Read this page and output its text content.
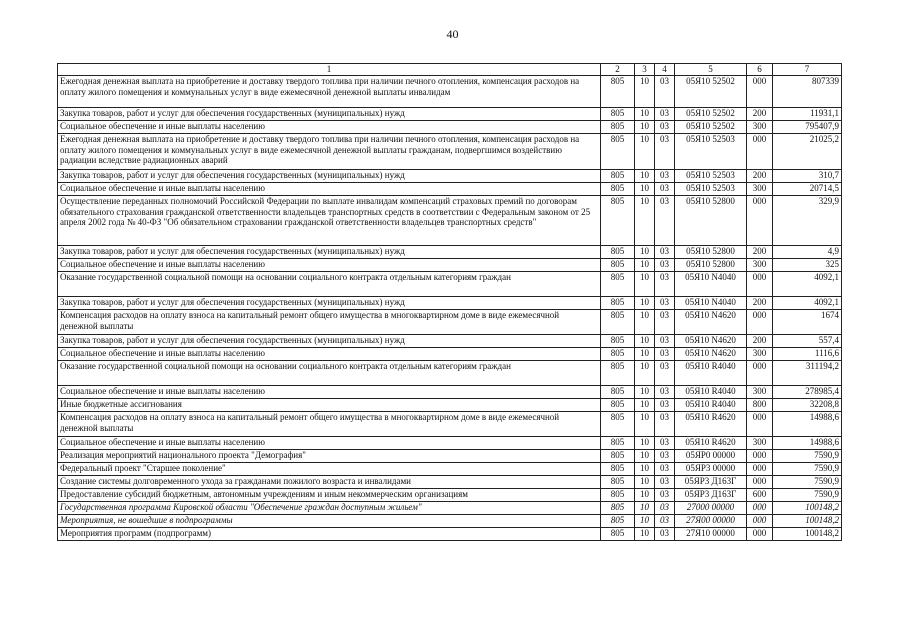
40
1	2	3	4	5	6	7
Ежегодная денежная выплата на приобретение и доставку твердого топлива при наличии печного отопления, компенсация расходов на оплату жилого помещения и коммунальных услуг в виде ежемесячной денежной выплаты инвалидам	805	10	03	05Я10 52502	000	807339
Закупка товаров, работ и услуг для обеспечения государственных (муниципальных) нужд	805	10	03	05Я10 52502	200	11931,1
Социальное обеспечение и иные выплаты населению	805	10	03	05Я10 52502	300	795407,9
Ежегодная денежная выплата на приобретение и доставку твердого топлива при наличии печного отопления, компенсация расходов на оплату жилого помещения и коммунальных услуг в виде ежемесячной денежной выплаты гражданам, подвергшимся воздействию радиации вследствие радиационных аварий	805	10	03	05Я10 52503	000	21025,2
Закупка товаров, работ и услуг для обеспечения государственных (муниципальных) нужд	805	10	03	05Я10 52503	200	310,7
Социальное обеспечение и иные выплаты населению	805	10	03	05Я10 52503	300	20714,5
Осуществление переданных полномочий Российской Федерации по выплате инвалидам компенсаций страховых премий по договорам обязательного страхования гражданской ответственности владельцев транспортных средств в соответствии с Федеральным законом от 25 апреля 2002 года № 40-ФЗ "Об обязательном страховании гражданской ответственности владельцев транспортных средств"	805	10	03	05Я10 52800	000	329,9
Закупка товаров, работ и услуг для обеспечения государственных (муниципальных) нужд	805	10	03	05Я10 52800	200	4,9
Социальное обеспечение и иные выплаты населению	805	10	03	05Я10 52800	300	325
Оказание государственной социальной помощи на основании социального контракта отдельным категориям граждан	805	10	03	05Я10 N4040	000	4092,1
Закупка товаров, работ и услуг для обеспечения государственных (муниципальных) нужд	805	10	03	05Я10 N4040	200	4092,1
Компенсация расходов на оплату взноса на капитальный ремонт общего имущества в многоквартирном доме в виде ежемесячной денежной выплаты	805	10	03	05Я10 N4620	000	1674
Закупка товаров, работ и услуг для обеспечения государственных (муниципальных) нужд	805	10	03	05Я10 N4620	200	557,4
Социальное обеспечение и иные выплаты населению	805	10	03	05Я10 N4620	300	1116,6
Оказание государственной социальной помощи на основании социального контракта отдельным категориям граждан	805	10	03	05Я10 R4040	000	311194,2
Социальное обеспечение и иные выплаты населению	805	10	03	05Я10 R4040	300	278985,4
Иные бюджетные ассигнования	805	10	03	05Я10 R4040	800	32208,8
Компенсация расходов на оплату взноса на капитальный ремонт общего имущества в многоквартирном доме в виде ежемесячной денежной выплаты	805	10	03	05Я10 R4620	000	14988,6
Социальное обеспечение и иные выплаты населению	805	10	03	05Я10 R4620	300	14988,6
Реализация мероприятий национального проекта "Демография"	805	10	03	05ЯР0 00000	000	7590,9
Федеральный проект "Старшее поколение"	805	10	03	05ЯР3 00000	000	7590,9
Создание системы долговременного ухода за гражданами пожилого возраста и инвалидами	805	10	03	05ЯР3 Д163Г	000	7590,9
Предоставление субсидий бюджетным, автономным учреждениям и иным некоммерческим организациям	805	10	03	05ЯР3 Д163Г	600	7590,9
Государственная программа Кировской области "Обеспечение граждан доступным жильем"	805	10	03	27000 00000	000	100148,2
Мероприятия, не вошедшие в подпрограммы	805	10	03	27Я00 00000	000	100148,2
Мероприятия программ (подпрограмм)	805	10	03	27Я10 00000	000	100148,2
